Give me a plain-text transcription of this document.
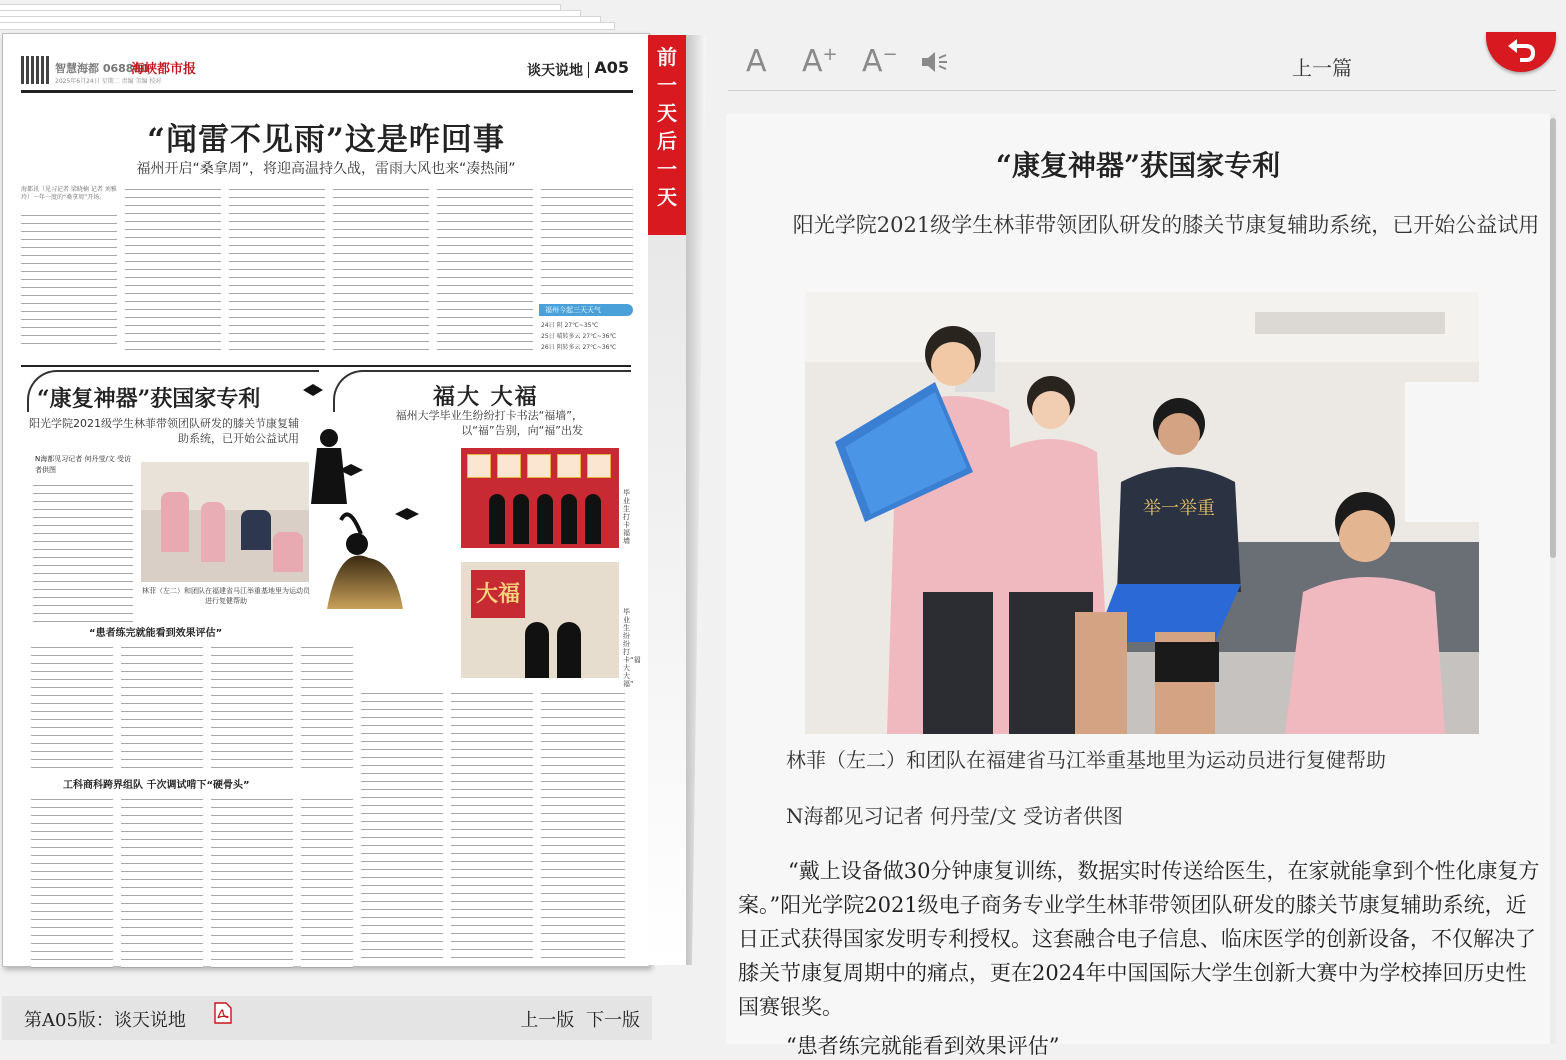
智慧海都 068880
海峡都市报
2025年6月24日 星期二 责编 美编 校对
谈天说地 A05
“闻雷不见雨”这是咋回事
福州开启“桑拿周”，将迎高温持久战，雷雨大风也来“凑热闹”
海都讯（见习记者 梁晓楠 记者 刘雅玲）一年一度的“桑拿周”开场。
福州今起三天天气
24日 阴 27℃~35℃
25日 晴转多云 27℃~36℃
26日 阴转多云 27℃~36℃
“康复神器”获国家专利
阳光学院2021级学生林菲带领团队研发的膝关节康复辅助系统，已开始公益试用
福大 大福
福州大学毕业生纷纷打卡书法“福墙”，以“福”告别，向“福”出发
N海都见习记者 何丹莹/文 受访者供图
林菲（左二）和团队在福建省马江举重基地里为运动员进行复健帮助	大福
毕业生打卡福墙
毕业生纷纷打卡“福大大福”
“患者练完就能看到效果评估”
工科商科跨界组队 千次调试啃下“硬骨头”
前
一
天
后
一
天
第A05版：谈天说地	上一版 下一版
A A+ A−
上一篇
“康复神器”获国家专利
阳光学院2021级学生林菲带领团队研发的膝关节康复辅助系统，已开始公益试用
举一举重
林菲（左二）和团队在福建省马江举重基地里为运动员进行复健帮助
N海都见习记者 何丹莹/文 受访者供图

“戴上设备做30分钟康复训练，数据实时传送给医生，在家就能拿到个性化康复方案。”阳光学院2021级电子商务专业学生林菲带领团队研发的膝关节康复辅助系统，近日正式获得国家发明专利授权。这套融合电子信息、临床医学的创新设备，不仅解决了膝关节康复周期中的痛点，更在2024年中国国际大学生创新大赛中为学校捧回历史性国赛银奖。

“患者练完就能看到效果评估”
